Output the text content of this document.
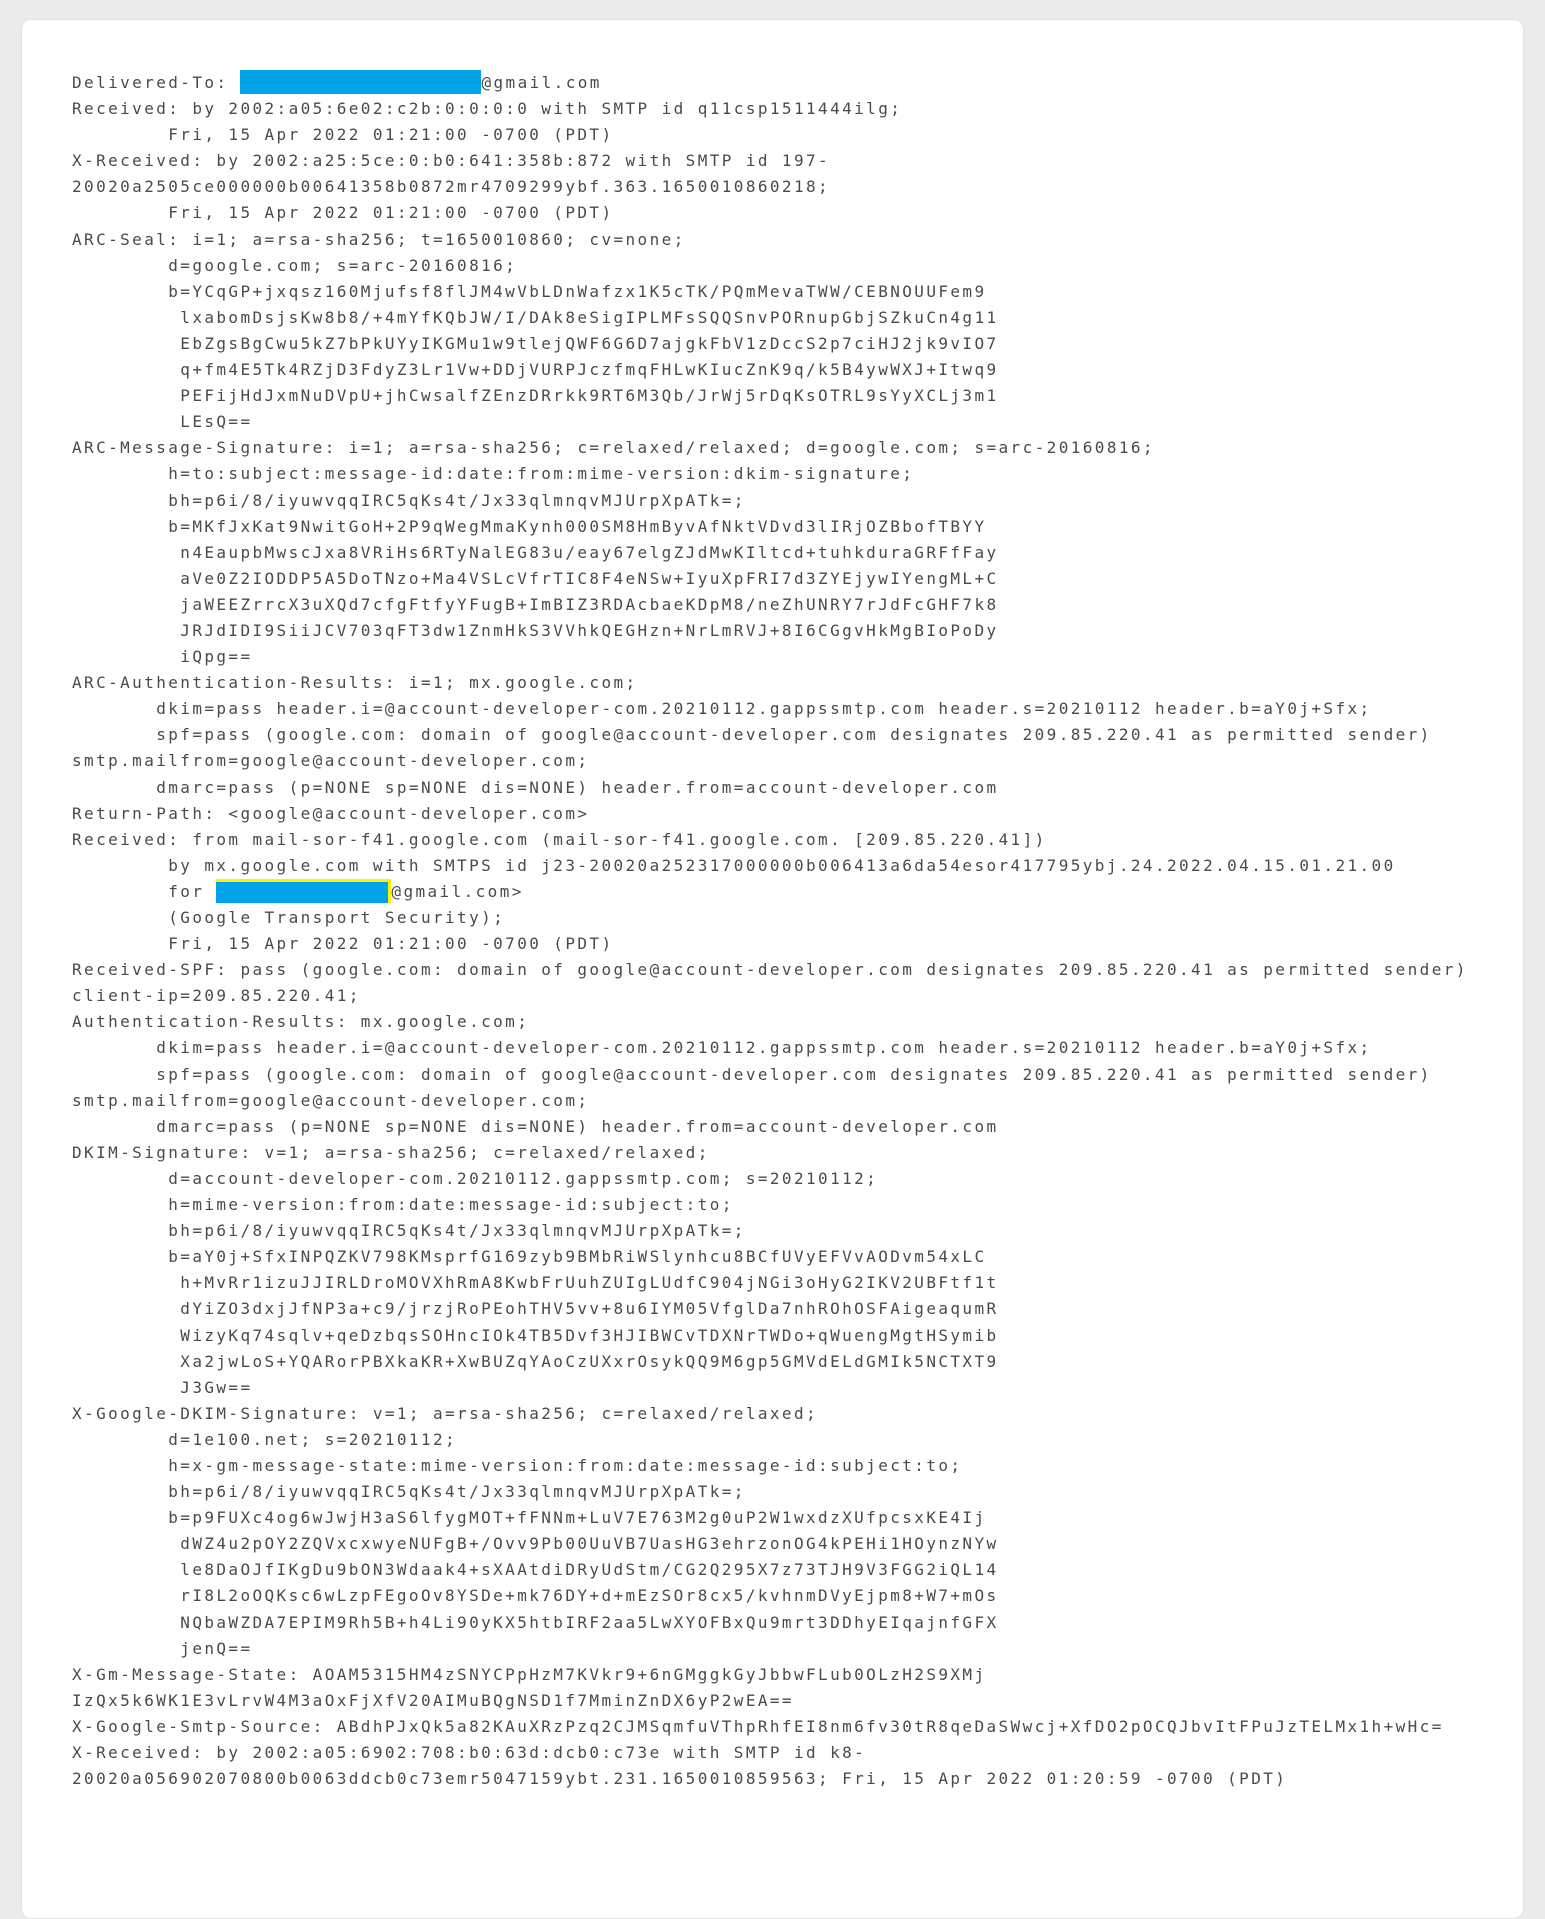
Delivered-To:	@gmail.com
Received: by 2002:a05:6e02:c2b:0:0:0:0 with SMTP id q11csp1511444ilg;
Fri, 15 Apr 2022 01:21:00 -0700 (PDT)
X-Received: by 2002:a25:5ce:0:b0:641:358b:872 with SMTP id 197-
20020a2505ce000000b00641358b0872mr4709299ybf.363.1650010860218;
Fri, 15 Apr 2022 01:21:00 -0700 (PDT)
ARC-Seal: i=1; a=rsa-sha256; t=1650010860; cv=none;
d=google.com; s=arc-20160816;
b=YCqGP+jxqsz160Mjufsf8flJM4wVbLDnWafzx1K5cTK/PQmMevaTWW/CEBNOUUFem9
lxabomDsjsKw8b8/+4mYfKQbJW/I/DAk8eSigIPLMFsSQQSnvPORnupGbjSZkuCn4g11
EbZgsBgCwu5kZ7bPkUYyIKGMu1w9tlejQWF6G6D7ajgkFbV1zDccS2p7ciHJ2jk9vIO7
q+fm4E5Tk4RZjD3FdyZ3Lr1Vw+DDjVURPJczfmqFHLwKIucZnK9q/k5B4ywWXJ+Itwq9
PEFijHdJxmNuDVpU+jhCwsalfZEnzDRrkk9RT6M3Qb/JrWj5rDqKsOTRL9sYyXCLj3m1
LEsQ==
ARC-Message-Signature: i=1; a=rsa-sha256; c=relaxed/relaxed; d=google.com; s=arc-20160816;
h=to:subject:message-id:date:from:mime-version:dkim-signature;
bh=p6i/8/iyuwvqqIRC5qKs4t/Jx33qlmnqvMJUrpXpATk=;
b=MKfJxKat9NwitGoH+2P9qWegMmaKynh000SM8HmByvAfNktVDvd3lIRjOZBbofTBYY
n4EaupbMwscJxa8VRiHs6RTyNalEG83u/eay67elgZJdMwKIltcd+tuhkduraGRFfFay
aVe0Z2IODDP5A5DoTNzo+Ma4VSLcVfrTIC8F4eNSw+IyuXpFRI7d3ZYEjywIYengML+C
jaWEEZrrcX3uXQd7cfgFtfyYFugB+ImBIZ3RDAcbaeKDpM8/neZhUNRY7rJdFcGHF7k8
JRJdIDI9SiiJCV703qFT3dw1ZnmHkS3VVhkQEGHzn+NrLmRVJ+8I6CGgvHkMgBIoPoDy
iQpg==
ARC-Authentication-Results: i=1; mx.google.com;
dkim=pass header.i=@account-developer-com.20210112.gappssmtp.com header.s=20210112 header.b=aY0j+Sfx;
spf=pass (google.com: domain of google@account-developer.com designates 209.85.220.41 as permitted sender)
smtp.mailfrom=google@account-developer.com;
dmarc=pass (p=NONE sp=NONE dis=NONE) header.from=account-developer.com
Return-Path: <google@account-developer.com>
Received: from mail-sor-f41.google.com (mail-sor-f41.google.com. [209.85.220.41])
by mx.google.com with SMTPS id j23-20020a252317000000b006413a6da54esor417795ybj.24.2022.04.15.01.21.00
for	@gmail.com>
(Google Transport Security);
Fri, 15 Apr 2022 01:21:00 -0700 (PDT)
Received-SPF: pass (google.com: domain of google@account-developer.com designates 209.85.220.41 as permitted sender)
client-ip=209.85.220.41;
Authentication-Results: mx.google.com;
dkim=pass header.i=@account-developer-com.20210112.gappssmtp.com header.s=20210112 header.b=aY0j+Sfx;
spf=pass (google.com: domain of google@account-developer.com designates 209.85.220.41 as permitted sender)
smtp.mailfrom=google@account-developer.com;
dmarc=pass (p=NONE sp=NONE dis=NONE) header.from=account-developer.com
DKIM-Signature: v=1; a=rsa-sha256; c=relaxed/relaxed;
d=account-developer-com.20210112.gappssmtp.com; s=20210112;
h=mime-version:from:date:message-id:subject:to;
bh=p6i/8/iyuwvqqIRC5qKs4t/Jx33qlmnqvMJUrpXpATk=;
b=aY0j+SfxINPQZKV798KMsprfG169zyb9BMbRiWSlynhcu8BCfUVyEFVvAODvm54xLC
h+MvRr1izuJJIRLDroMOVXhRmA8KwbFrUuhZUIgLUdfC904jNGi3oHyG2IKV2UBFtf1t
dYiZO3dxjJfNP3a+c9/jrzjRoPEohTHV5vv+8u6IYM05VfglDa7nhROhOSFAigeaqumR
WizyKq74sqlv+qeDzbqsSOHncIOk4TB5Dvf3HJIBWCvTDXNrTWDo+qWuengMgtHSymib
Xa2jwLoS+YQARorPBXkaKR+XwBUZqYAoCzUXxrOsykQQ9M6gp5GMVdELdGMIk5NCTXT9
J3Gw==
X-Google-DKIM-Signature: v=1; a=rsa-sha256; c=relaxed/relaxed;
d=1e100.net; s=20210112;
h=x-gm-message-state:mime-version:from:date:message-id:subject:to;
bh=p6i/8/iyuwvqqIRC5qKs4t/Jx33qlmnqvMJUrpXpATk=;
b=p9FUXc4og6wJwjH3aS6lfygMOT+fFNNm+LuV7E763M2g0uP2W1wxdzXUfpcsxKE4Ij
dWZ4u2pOY2ZQVxcxwyeNUFgB+/Ovv9Pb00UuVB7UasHG3ehrzonOG4kPEHi1HOynzNYw
le8DaOJfIKgDu9bON3Wdaak4+sXAAtdiDRyUdStm/CG2Q295X7z73TJH9V3FGG2iQL14
rI8L2oOQKsc6wLzpFEgoOv8YSDe+mk76DY+d+mEzSOr8cx5/kvhnmDVyEjpm8+W7+mOs
NQbaWZDA7EPIM9Rh5B+h4Li90yKX5htbIRF2aa5LwXYOFBxQu9mrt3DDhyEIqajnfGFX
jenQ==
X-Gm-Message-State: AOAM5315HM4zSNYCPpHzM7KVkr9+6nGMggkGyJbbwFLub0OLzH2S9XMj
IzQx5k6WK1E3vLrvW4M3aOxFjXfV20AIMuBQgNSD1f7MminZnDX6yP2wEA==
X-Google-Smtp-Source: ABdhPJxQk5a82KAuXRzPzq2CJMSqmfuVThpRhfEI8nm6fv30tR8qeDaSWwcj+XfDO2pOCQJbvItFPuJzTELMx1h+wHc=
X-Received: by 2002:a05:6902:708:b0:63d:dcb0:c73e with SMTP id k8-
20020a056902070800b0063ddcb0c73emr5047159ybt.231.1650010859563; Fri, 15 Apr 2022 01:20:59 -0700 (PDT)
